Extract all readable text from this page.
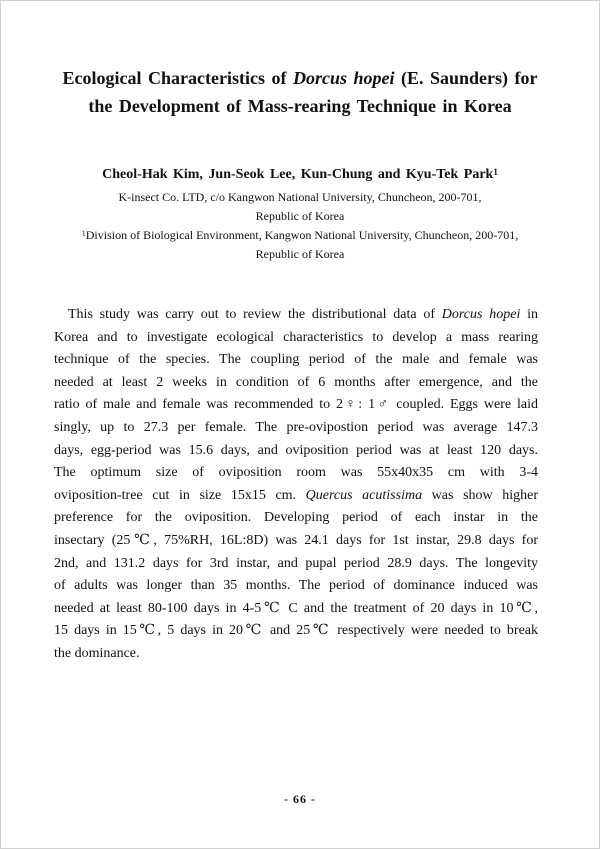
Ecological Characteristics of Dorcus hopei (E. Saunders) for
the Development of Mass-rearing Technique in Korea
Cheol-Hak Kim, Jun-Seok Lee, Kun-Chung and Kyu-Tek Park$^1$
K-insect Co. LTD, c/o Kangwon National University, Chuncheon, 200-701,
Republic of Korea
$^1$Division of Biological Environment, Kangwon National University, Chuncheon, 200-701,
Republic of Korea
This study was carry out to review the distributional data of Dorcus hopei in
Korea and to investigate ecological characteristics to develop a mass rearing
technique of the species. The coupling period of the male and female was
needed at least 2 weeks in condition of 6 months after emergence, and the
ratio of male and female was recommended to 2♀: 1♂ coupled. Eggs were laid
singly, up to 27.3 per female. The pre-ovipostion period was average 147.3
days, egg-period was 15.6 days, and oviposition period was at least 120 days.
The optimum size of oviposition room was 55x40x35 cm with 3-4
oviposition-tree cut in size 15x15 cm. Quercus acutissima was show higher
preference for the oviposition. Developing period of each instar in the
insectary (25℃, 75%RH, 16L:8D) was 24.1 days for 1st instar, 29.8 days for
2nd, and 131.2 days for 3rd instar, and pupal period 28.9 days. The longevity
of adults was longer than 35 months. The period of dominance induced was
needed at least 80-100 days in 4-5℃ C and the treatment of 20 days in 10℃,
15 days in 15℃, 5 days in 20℃ and 25℃ respectively were needed to break
the dominance.
- 66 -
